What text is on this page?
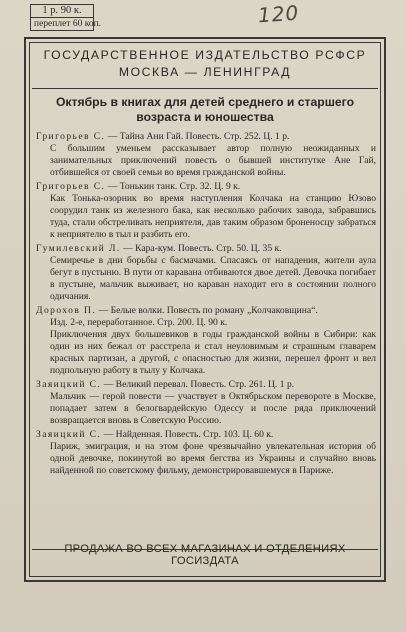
1 р. 90 к.
переплет 60 коп.	120
ГОСУДАРСТВЕННОЕ ИЗДАТЕЛЬСТВО РСФСР
МОСКВА — ЛЕНИНГРАД
Октябрь в книгах для детей среднего и старшего
возраста и юношества
Григорьев С. — Тайна Ани Гай. Повесть. Стр. 252. Ц. 1 р.
С большим уменьем рассказывает автор полную неожиданных и занимательных приключений повесть о бывшей институтке Ане Гай, отбившейся от своей семьи во время гражданской войны.
Григорьев С. — Тонькин танк. Стр. 32. Ц. 9 к.
Как Тонька-озорник во время наступления Колчака на станцию Юзово соорудил танк из железного бака, как несколько рабочих завода, забравшись туда, стали обстреливать неприятеля, дав таким образом броненосцу забраться к неприятелю в тыл и разбить его.
Гумилевский Л. — Кара-кум. Повесть. Стр. 50. Ц. 35 к.
Семиречье в дни борьбы с басмачами. Спасаясь от нападения, жители аула бегут в пустыню. В пути от каравана отбиваются двое детей. Девочка погибает в пустыне, мальчик выживает, но караван находит его в состоянии полного одичания.
Дорохов П. — Белые волки. Повесть по роману „Колчаковщина“.
Изд. 2-е, переработанное. Стр. 200. Ц. 90 к.
Приключения двух большевиков в годы гражданской войны в Сибири: как один из них бежал от расстрела и стал неуловимым и страшным главарем красных партизан, а другой, с опасностью для жизни, перешел фронт и вел подпольную работу в тылу у Колчака.
Заяицкий С. — Великий перевал. Повесть. Стр. 261. Ц. 1 р.
Мальчик — герой повести — участвует в Октябрьском перевороте в Москве, попадает затем в белогвардейскую Одессу и после ряда приключений возвращается вновь в Советскую Россию.
Заяицкий С. — Найденная. Повесть. Стр. 103. Ц. 60 к.
Париж, эмиграция, и на этом фоне чрезвычайно увлекательная история об одной девочке, покинутой во время бегства из Украины и случайно вновь найденной по советскому фильму, демонстрировавшемуся в Париже.
ПРОДАЖА ВО ВСЕХ МАГАЗИНАХ И ОТДЕЛЕНИЯХ ГОСИЗДАТА
